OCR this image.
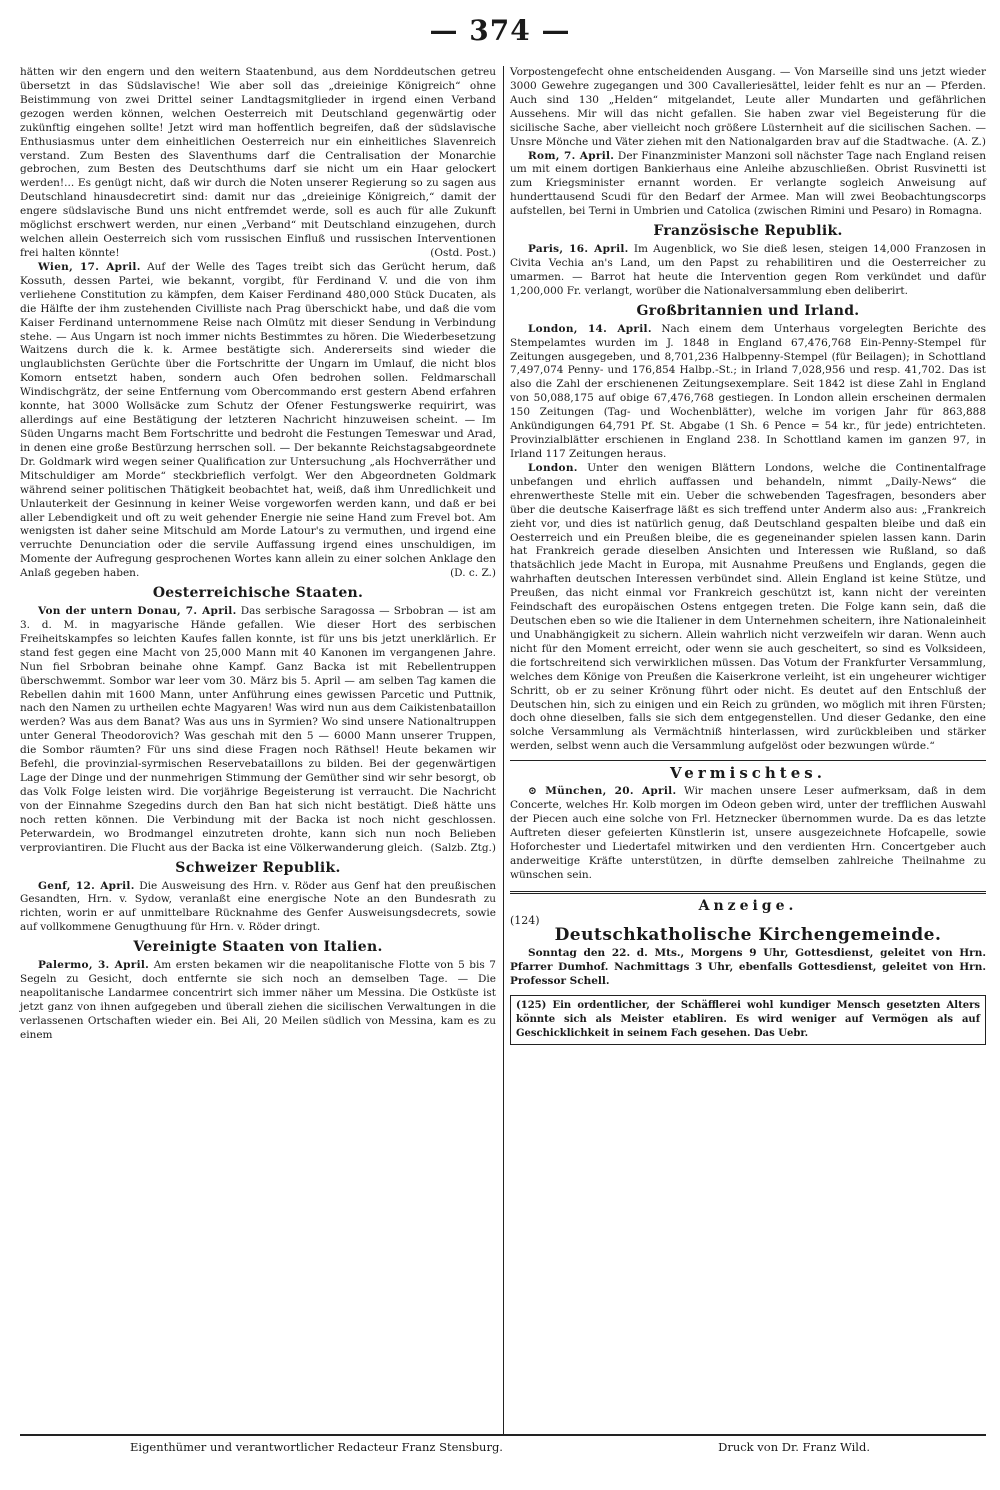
— 374 —

hätten wir den engern und den weitern Staatenbund, aus dem Norddeutschen getreu übersetzt in das Südslavische! Wie aber soll das „dreieinige Königreich“ ohne Beistimmung von zwei Drittel seiner Landtagsmitglieder in irgend einen Verband gezogen werden können, welchen Oesterreich mit Deutschland gegenwärtig oder zukünftig eingehen sollte! Jetzt wird man hoffentlich begreifen, daß der südslavische Enthusiasmus unter dem einheitlichen Oesterreich nur ein einheitliches Slavenreich verstand. Zum Besten des Slaventhums darf die Centralisation der Monarchie gebrochen, zum Besten des Deutschthums darf sie nicht um ein Haar gelockert werden!... Es genügt nicht, daß wir durch die Noten unserer Regierung so zu sagen aus Deutschland hinausdecretirt sind: damit nur das „dreieinige Königreich,“ damit der engere südslavische Bund uns nicht entfremdet werde, soll es auch für alle Zukunft möglichst erschwert werden, nur einen „Verband“ mit Deutschland einzugehen, durch welchen allein Oesterreich sich vom russischen Einfluß und russischen Interventionen frei halten könnte!	(Ostd. Post.)

Wien, 17. April. Auf der Welle des Tages treibt sich das Gerücht herum, daß Kossuth, dessen Partei, wie bekannt, vorgibt, für Ferdinand V. und die von ihm verliehene Constitution zu kämpfen, dem Kaiser Ferdinand 480,000 Stück Ducaten, als die Hälfte der ihm zustehenden Civilliste nach Prag überschickt habe, und daß die vom Kaiser Ferdinand unternommene Reise nach Olmütz mit dieser Sendung in Verbindung stehe. — Aus Ungarn ist noch immer nichts Bestimmtes zu hören. Die Wiederbesetzung Waitzens durch die k. k. Armee bestätigte sich. Andererseits sind wieder die unglaublichsten Gerüchte über die Fortschritte der Ungarn im Umlauf, die nicht blos Komorn entsetzt haben, sondern auch Ofen bedrohen sollen. Feldmarschall Windischgrätz, der seine Entfernung vom Obercommando erst gestern Abend erfahren konnte, hat 3000 Wollsäcke zum Schutz der Ofener Festungswerke requirirt, was allerdings auf eine Bestätigung der letzteren Nachricht hinzuweisen scheint. — Im Süden Ungarns macht Bem Fortschritte und bedroht die Festungen Temeswar und Arad, in denen eine große Bestürzung herrschen soll. — Der bekannte Reichstagsabgeordnete Dr. Goldmark wird wegen seiner Qualification zur Untersuchung „als Hochverräther und Mitschuldiger am Morde“ steckbrieflich verfolgt. Wer den Abgeordneten Goldmark während seiner politischen Thätigkeit beobachtet hat, weiß, daß ihm Unredlichkeit und Unlauterkeit der Gesinnung in keiner Weise vorgeworfen werden kann, und daß er bei aller Lebendigkeit und oft zu weit gehender Energie nie seine Hand zum Frevel bot. Am wenigsten ist daher seine Mitschuld am Morde Latour's zu vermuthen, und irgend eine verruchte Denunciation oder die servile Auffassung irgend eines unschuldigen, im Momente der Aufregung gesprochenen Wortes kann allein zu einer solchen Anklage den Anlaß gegeben haben.	(D. c. Z.)

Oesterreichische Staaten.

Von der untern Donau, 7. April. Das serbische Saragossa — Srbobran — ist am 3. d. M. in magyarische Hände gefallen. Wie dieser Hort des serbischen Freiheitskampfes so leichten Kaufes fallen konnte, ist für uns bis jetzt unerklärlich. Er stand fest gegen eine Macht von 25,000 Mann mit 40 Kanonen im vergangenen Jahre. Nun fiel Srbobran beinahe ohne Kampf. Ganz Backa ist mit Rebellentruppen überschwemmt. Sombor war leer vom 30. März bis 5. April — am selben Tag kamen die Rebellen dahin mit 1600 Mann, unter Anführung eines gewissen Parcetic und Puttnik, nach den Namen zu urtheilen echte Magyaren! Was wird nun aus dem Caikistenbataillon werden? Was aus dem Banat? Was aus uns in Syrmien? Wo sind unsere Nationaltruppen unter General Theodorovich? Was geschah mit den 5 — 6000 Mann unserer Truppen, die Sombor räumten? Für uns sind diese Fragen noch Räthsel! Heute bekamen wir Befehl, die provinzial-syrmischen Reservebataillons zu bilden. Bei der gegenwärtigen Lage der Dinge und der nunmehrigen Stimmung der Gemüther sind wir sehr besorgt, ob das Volk Folge leisten wird. Die vorjährige Begeisterung ist verraucht. Die Nachricht von der Einnahme Szegedins durch den Ban hat sich nicht bestätigt. Dieß hätte uns noch retten können. Die Verbindung mit der Backa ist noch nicht geschlossen. Peterwardein, wo Brodmangel einzutreten drohte, kann sich nun noch Belieben verproviantiren. Die Flucht aus der Backa ist eine Völkerwanderung gleich. (Salzb. Ztg.)

Schweizer Republik.

Genf, 12. April. Die Ausweisung des Hrn. v. Röder aus Genf hat den preußischen Gesandten, Hrn. v. Sydow, veranlaßt eine energische Note an den Bundesrath zu richten, worin er auf unmittelbare Rücknahme des Genfer Ausweisungsdecrets, sowie auf vollkommene Genugthuung für Hrn. v. Röder dringt.

Vereinigte Staaten von Italien.

Palermo, 3. April. Am ersten bekamen wir die neapolitanische Flotte von 5 bis 7 Segeln zu Gesicht, doch entfernte sie sich noch an demselben Tage. — Die neapolitanische Landarmee concentrirt sich immer näher um Messina. Die Ostküste ist jetzt ganz von ihnen aufgegeben und überall ziehen die sicilischen Verwaltungen in die verlassenen Ortschaften wieder ein. Bei Ali, 20 Meilen südlich von Messina, kam es zu einem

Vorpostengefecht ohne entscheidenden Ausgang. — Von Marseille sind uns jetzt wieder 3000 Gewehre zugegangen und 300 Cavalleriesättel, leider fehlt es nur an — Pferden. Auch sind 130 „Helden“ mitgelandet, Leute aller Mundarten und gefährlichen Aussehens. Mir will das nicht gefallen. Sie haben zwar viel Begeisterung für die sicilische Sache, aber vielleicht noch größere Lüsternheit auf die sicilischen Sachen. — Unsre Mönche und Väter ziehen mit den Nationalgarden brav auf die Stadtwache. (A. Z.)

Rom, 7. April. Der Finanzminister Manzoni soll nächster Tage nach England reisen um mit einem dortigen Bankierhaus eine Anleihe abzuschließen. Obrist Rusvinetti ist zum Kriegsminister ernannt worden. Er verlangte sogleich Anweisung auf hunderttausend Scudi für den Bedarf der Armee. Man will zwei Beobachtungscorps aufstellen, bei Terni in Umbrien und Catolica (zwischen Rimini und Pesaro) in Romagna.

Französische Republik.

Paris, 16. April. Im Augenblick, wo Sie dieß lesen, steigen 14,000 Franzosen in Civita Vechia an's Land, um den Papst zu rehabilitiren und die Oesterreicher zu umarmen. — Barrot hat heute die Intervention gegen Rom verkündet und dafür 1,200,000 Fr. verlangt, worüber die Nationalversammlung eben deliberirt.

Großbritannien und Irland.

London, 14. April. Nach einem dem Unterhaus vorgelegten Berichte des Stempelamtes wurden im J. 1848 in England 67,476,768 Ein-Penny-Stempel für Zeitungen ausgegeben, und 8,701,236 Halbpenny-Stempel (für Beilagen); in Schottland 7,497,074 Penny- und 176,854 Halbp.-St.; in Irland 7,028,956 und resp. 41,702. Das ist also die Zahl der erschienenen Zeitungsexemplare. Seit 1842 ist diese Zahl in England von 50,088,175 auf obige 67,476,768 gestiegen. In London allein erscheinen dermalen 150 Zeitungen (Tag- und Wochenblätter), welche im vorigen Jahr für 863,888 Ankündigungen 64,791 Pf. St. Abgabe (1 Sh. 6 Pence = 54 kr., für jede) entrichteten. Provinzialblätter erschienen in England 238. In Schottland kamen im ganzen 97, in Irland 117 Zeitungen heraus.

London. Unter den wenigen Blättern Londons, welche die Continentalfrage unbefangen und ehrlich auffassen und behandeln, nimmt „Daily-News“ die ehrenwertheste Stelle mit ein. Ueber die schwebenden Tagesfragen, besonders aber über die deutsche Kaiserfrage läßt es sich treffend unter Anderm also aus: „Frankreich zieht vor, und dies ist natürlich genug, daß Deutschland gespalten bleibe und daß ein Oesterreich und ein Preußen bleibe, die es gegeneinander spielen lassen kann. Darin hat Frankreich gerade dieselben Ansichten und Interessen wie Rußland, so daß thatsächlich jede Macht in Europa, mit Ausnahme Preußens und Englands, gegen die wahrhaften deutschen Interessen verbündet sind. Allein England ist keine Stütze, und Preußen, das nicht einmal vor Frankreich geschützt ist, kann nicht der vereinten Feindschaft des europäischen Ostens entgegen treten. Die Folge kann sein, daß die Deutschen eben so wie die Italiener in dem Unternehmen scheitern, ihre Nationaleinheit und Unabhängigkeit zu sichern. Allein wahrlich nicht verzweifeln wir daran. Wenn auch nicht für den Moment erreicht, oder wenn sie auch gescheitert, so sind es Volksideen, die fortschreitend sich verwirklichen müssen. Das Votum der Frankfurter Versammlung, welches dem Könige von Preußen die Kaiserkrone verleiht, ist ein ungeheurer wichtiger Schritt, ob er zu seiner Krönung führt oder nicht. Es deutet auf den Entschluß der Deutschen hin, sich zu einigen und ein Reich zu gründen, wo möglich mit ihren Fürsten; doch ohne dieselben, falls sie sich dem entgegenstellen. Und dieser Gedanke, den eine solche Versammlung als Vermächtniß hinterlassen, wird zurückbleiben und stärker werden, selbst wenn auch die Versammlung aufgelöst oder bezwungen würde.“

Vermischtes.

⊙ München, 20. April. Wir machen unsere Leser aufmerksam, daß in dem Concerte, welches Hr. Kolb morgen im Odeon geben wird, unter der trefflichen Auswahl der Piecen auch eine solche von Frl. Hetznecker übernommen wurde. Da es das letzte Auftreten dieser gefeierten Künstlerin ist, unsere ausgezeichnete Hofcapelle, sowie Hoforchester und Liedertafel mitwirken und den verdienten Hrn. Concertgeber auch anderweitige Kräfte unterstützen, in dürfte demselben zahlreiche Theilnahme zu wünschen sein.

Anzeige.
(124)
Deutschkatholische Kirchengemeinde.

Sonntag den 22. d. Mts., Morgens 9 Uhr, Gottesdienst, geleitet von Hrn. Pfarrer Dumhof. Nachmittags 3 Uhr, ebenfalls Gottesdienst, geleitet von Hrn. Professor Schell.

(125) Ein ordentlicher, der Schäfflerei wohl kundiger Mensch gesetzten Alters könnte sich als Meister etabliren. Es wird weniger auf Vermögen als auf Geschicklichkeit in seinem Fach gesehen. Das Uebr.
Eigenthümer und verantwortlicher Redacteur Franz Stensburg.	Druck von Dr. Franz Wild.
